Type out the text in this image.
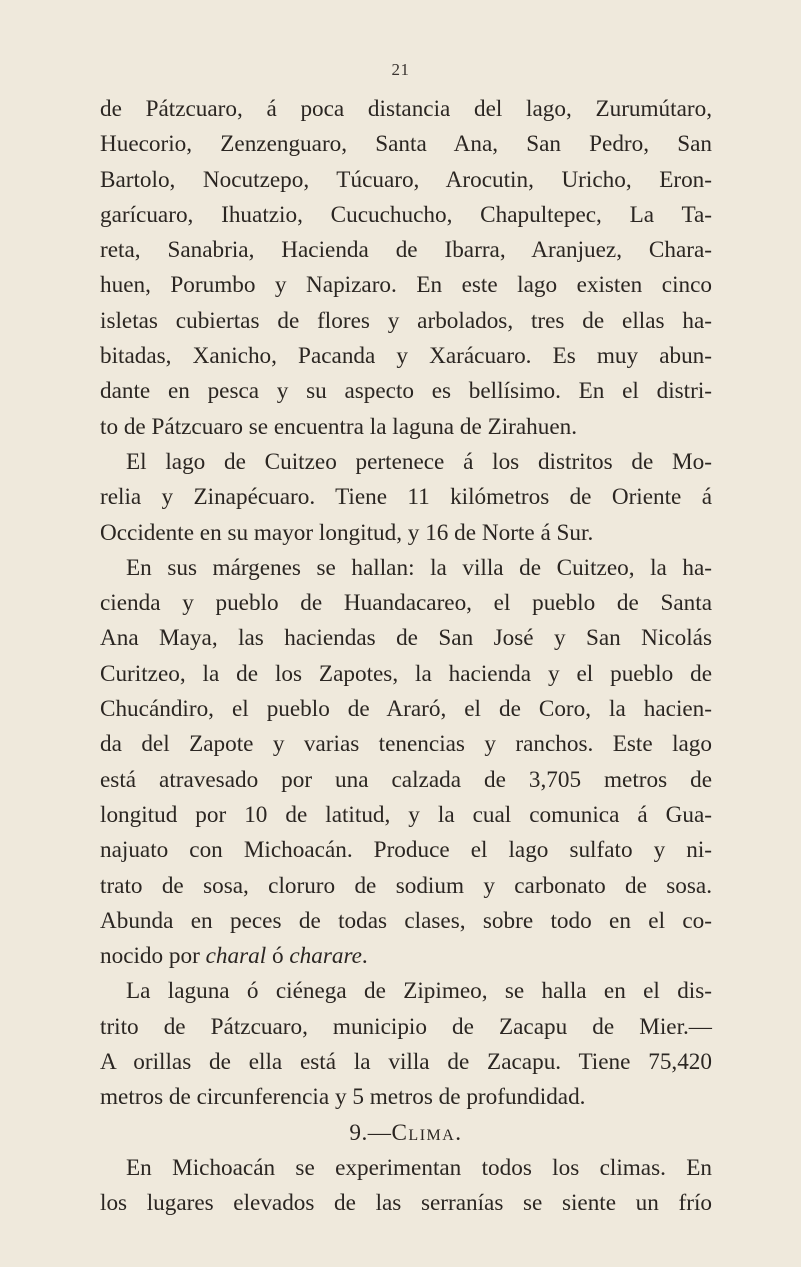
21
de Pátzcuaro, á poca distancia del lago, Zurumútaro,
Huecorio, Zenzenguaro, Santa Ana, San Pedro, San
Bartolo, Nocutzepo, Túcuaro, Arocutin, Uricho, Eron-
garícuaro, Ihuatzio, Cucuchucho, Chapultepec, La Ta-
reta, Sanabria, Hacienda de Ibarra, Aranjuez, Chara-
huen, Porumbo y Napizaro. En este lago existen cinco
isletas cubiertas de flores y arbolados, tres de ellas ha-
bitadas, Xanicho, Pacanda y Xarácuaro. Es muy abun-
dante en pesca y su aspecto es bellísimo. En el distri-
to de Pátzcuaro se encuentra la laguna de Zirahuen.
El lago de Cuitzeo pertenece á los distritos de Mo-
relia y Zinapécuaro. Tiene 11 kilómetros de Oriente á
Occidente en su mayor longitud, y 16 de Norte á Sur.
En sus márgenes se hallan: la villa de Cuitzeo, la ha-
cienda y pueblo de Huandacareo, el pueblo de Santa
Ana Maya, las haciendas de San José y San Nicolás
Curitzeo, la de los Zapotes, la hacienda y el pueblo de
Chucándiro, el pueblo de Araró, el de Coro, la hacien-
da del Zapote y varias tenencias y ranchos. Este lago
está atravesado por una calzada de 3,705 metros de
longitud por 10 de latitud, y la cual comunica á Gua-
najuato con Michoacán. Produce el lago sulfato y ni-
trato de sosa, cloruro de sodium y carbonato de sosa.
Abunda en peces de todas clases, sobre todo en el co-
nocido por charal ó charare.
La laguna ó ciénega de Zipimeo, se halla en el dis-
trito de Pátzcuaro, municipio de Zacapu de Mier.—
A orillas de ella está la villa de Zacapu. Tiene 75,420
metros de circunferencia y 5 metros de profundidad.
9.—Clima.
En Michoacán se experimentan todos los climas. En
los lugares elevados de las serranías se siente un frío
